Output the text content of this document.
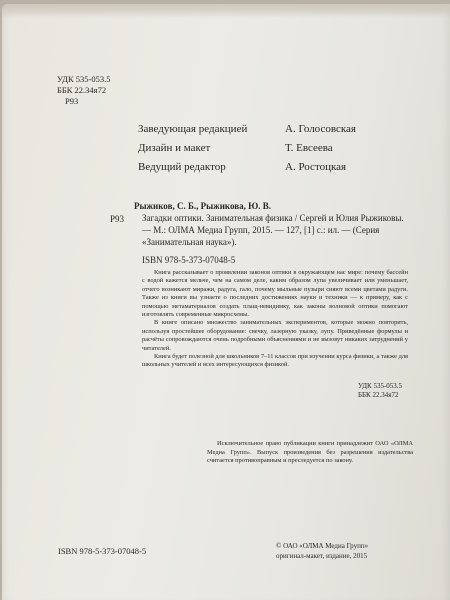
УДК 535-053.5
ББК 22.34я72
Р93
Заведующая редакцией	А. Голосовская
Дизайн и макет	Т. Евсеева
Ведущий редактор	А. Ростоцкая
Рыжиков, С. Б., Рыжикова, Ю. В.
Р93	Загадки оптики. Занимательная физика / Сергей и Юлия Рыжиковы. — М.: ОЛМА Медиа Групп, 2015. — 127, [1] с.: ил. — (Серия «Занимательная наука»).
ISBN 978-5-373-07048-5

Книга рассказывает о проявлении законов оптики в окружающем нас мире: почему бассейн с водой кажется мельче, чем на самом деле, каким образом лупа увеличивает или уменьшает, отчего возникают миражи, радуга, гало, почему мыльные пузыри сияют всеми цветами радуги. Также из книги вы узнаете о последних достижениях науки и техники — к примеру, как с помощью метаматериалов создать плащ-невидимку, как законы волновой оптики помогают изготовлять современные микросхемы.

В книге описано множество занимательных экспериментов, которые можно повторить, используя простейшее оборудование: свечку, лазерную указку, лупу. Приведённые формулы и расчёты сопровождаются очень подробными объяснениями и не вызовут никаких затруднений у читателей.

Книга будет полезной для школьников 7–11 классов при изучении курса физики, а также для школьных учителей и всех интересующихся физикой.

УДК 535-053.5
ББК 22.34я72

Исключительное право публикации книги принадлежит ОАО «ОЛМА Медиа Групп». Выпуск произведения без разрешения издательства считается противоправным и преследуется по закону.

ISBN 978-5-373-07048-5	© ОАО «ОЛМА Медиа Групп»
оригинал-макет, издание, 2015
